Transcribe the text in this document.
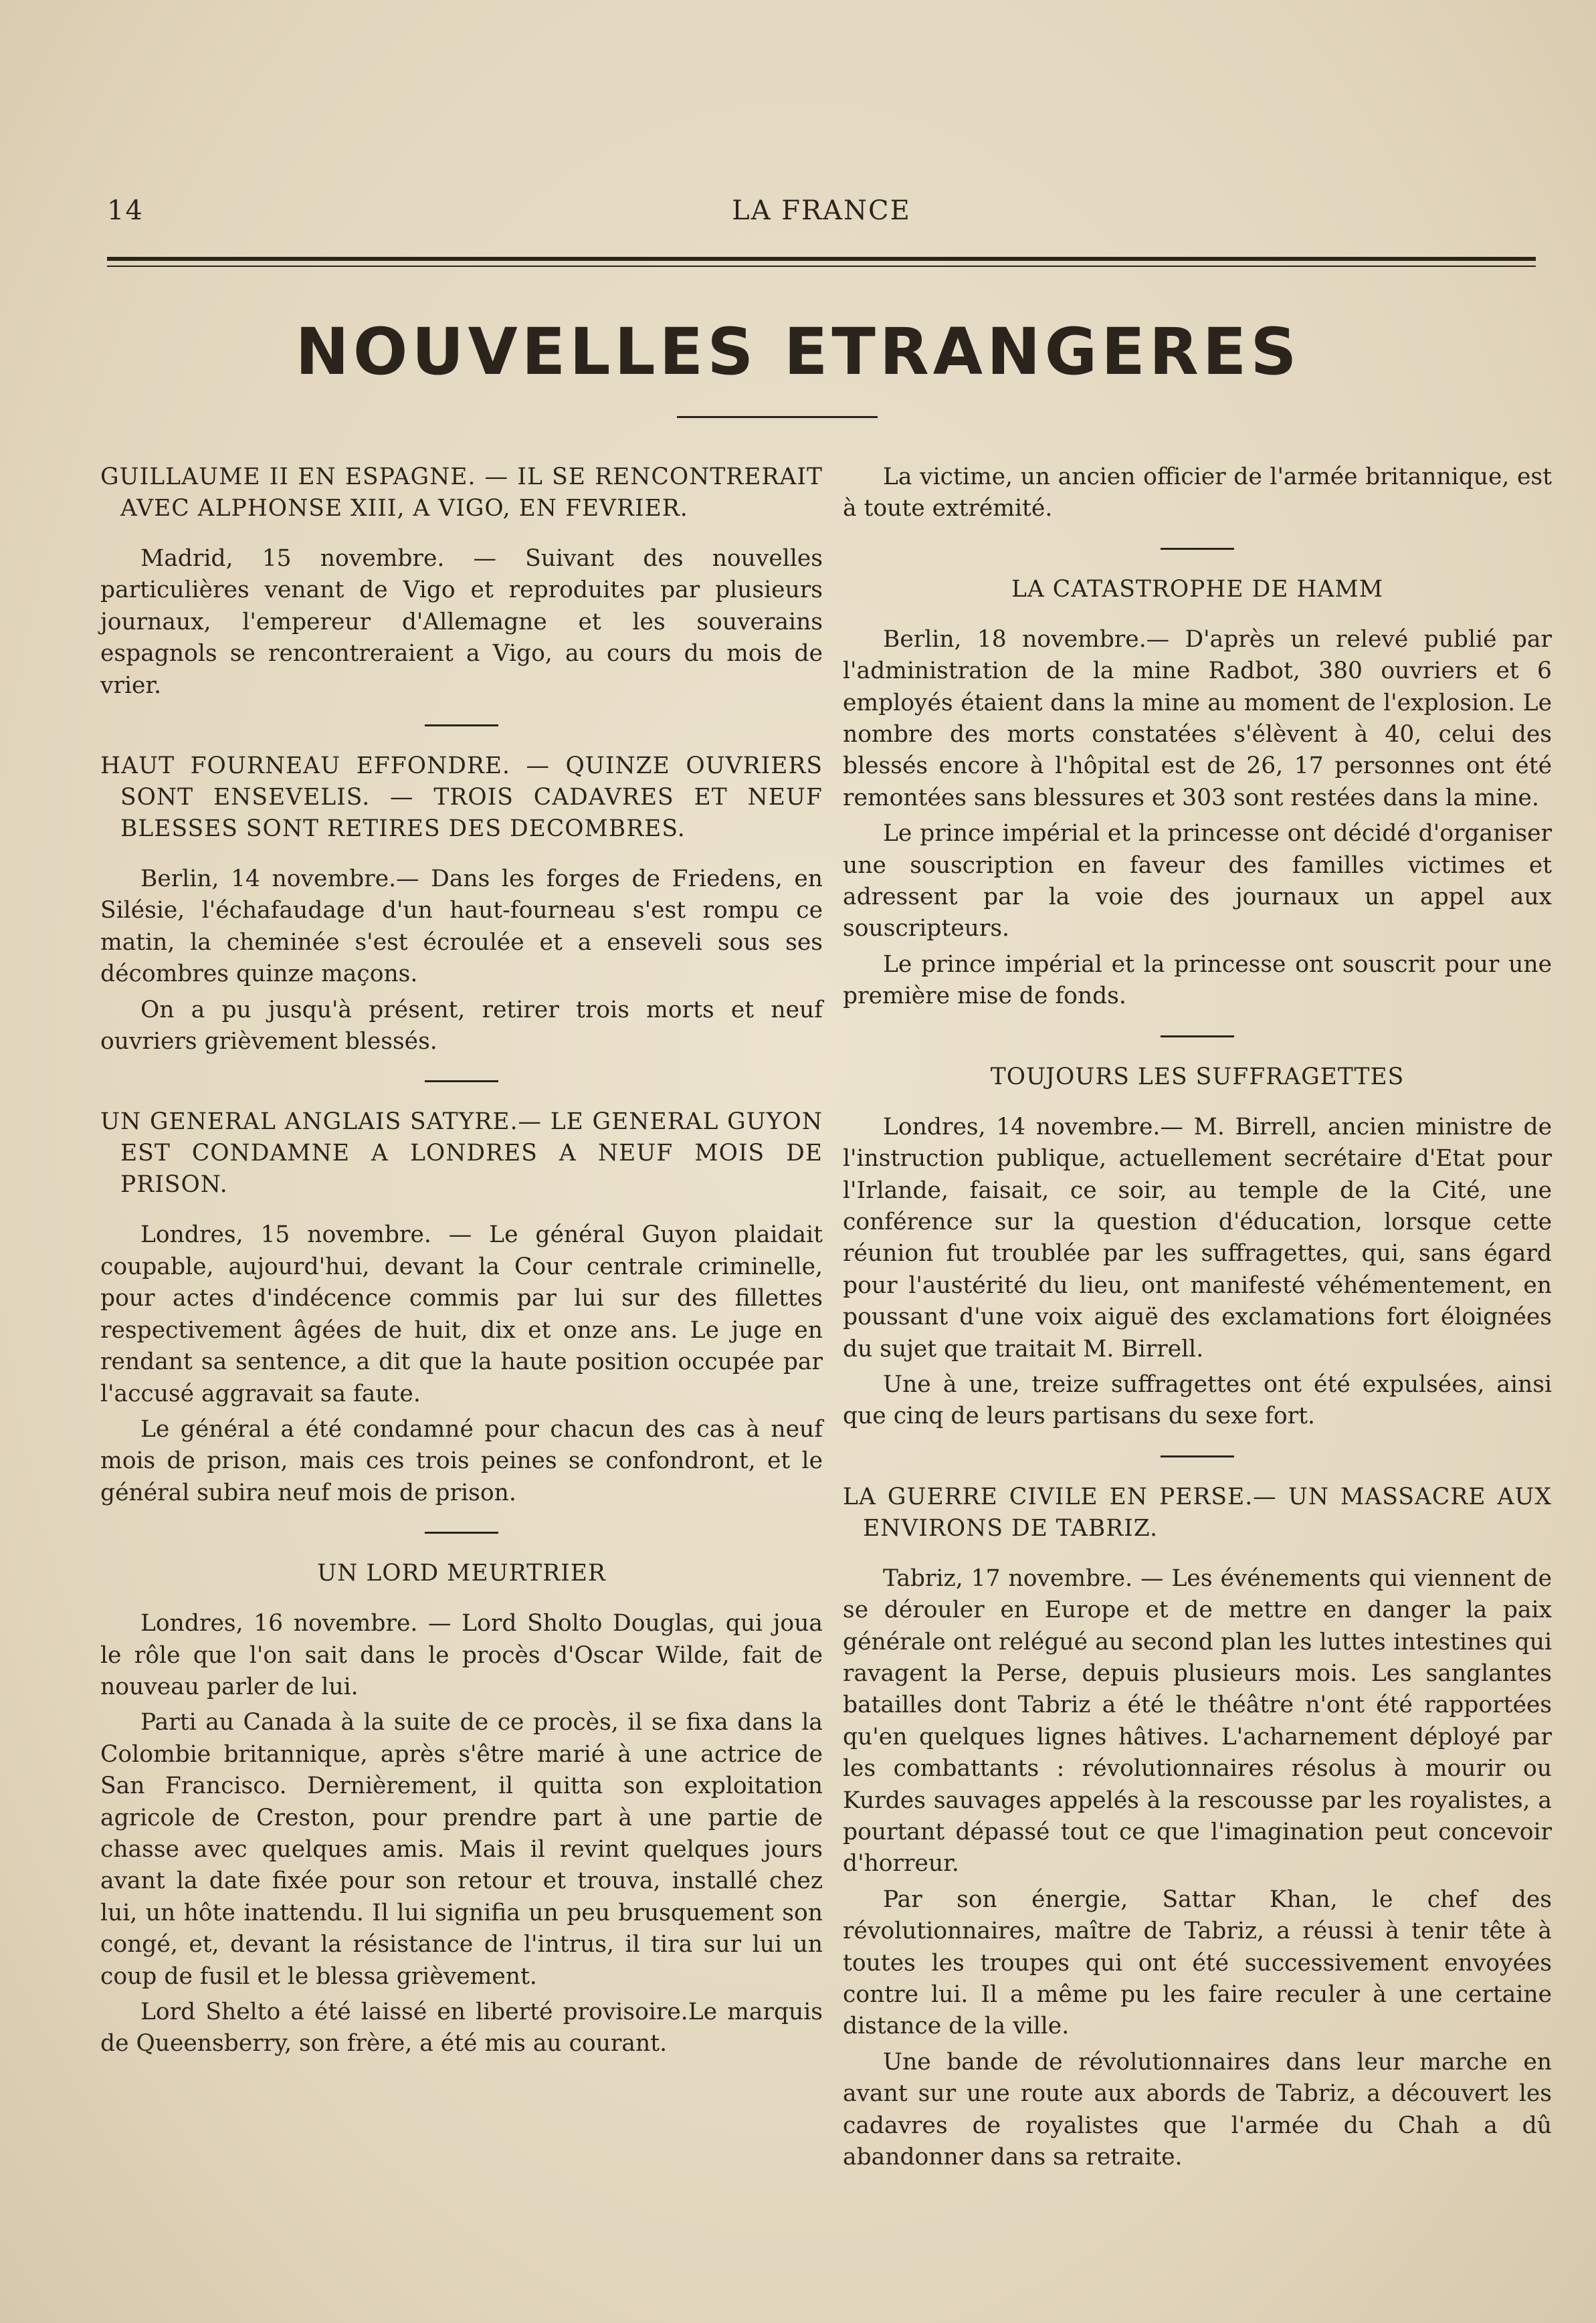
14	LA FRANCE
NOUVELLES ETRANGERES
GUILLAUME II EN ESPAGNE. — IL SE RENCONTRERAIT AVEC ALPHONSE XIII, A VIGO, EN FEVRIER.

Madrid, 15 novembre. — Suivant des nouvelles particulières venant de Vigo et reproduites par plusieurs journaux, l'empereur d'Allemagne et les souverains espagnols se rencontreraient a Vigo, au cours du mois de vrier.

HAUT FOURNEAU EFFONDRE. — QUINZE OUVRIERS SONT ENSEVELIS. — TROIS CADAVRES ET NEUF BLESSES SONT RETIRES DES DECOMBRES.

Berlin, 14 novembre.— Dans les forges de Friedens, en Silésie, l'échafaudage d'un haut-fourneau s'est rompu ce matin, la cheminée s'est écroulée et a enseveli sous ses décombres quinze maçons.

On a pu jusqu'à présent, retirer trois morts et neuf ouvriers grièvement blessés.

UN GENERAL ANGLAIS SATYRE.— LE GENERAL GUYON EST CONDAMNE A LONDRES A NEUF MOIS DE PRISON.

Londres, 15 novembre. — Le général Guyon plaidait coupable, aujourd'hui, devant la Cour centrale criminelle, pour actes d'indécence commis par lui sur des fillettes respectivement âgées de huit, dix et onze ans. Le juge en rendant sa sentence, a dit que la haute position occupée par l'accusé aggravait sa faute.

Le général a été condamné pour chacun des cas à neuf mois de prison, mais ces trois peines se confondront, et le général subira neuf mois de prison.

UN LORD MEURTRIER

Londres, 16 novembre. — Lord Sholto Douglas, qui joua le rôle que l'on sait dans le procès d'Oscar Wilde, fait de nouveau parler de lui.

Parti au Canada à la suite de ce procès, il se fixa dans la Colombie britannique, après s'être marié à une actrice de San Francisco. Dernièrement, il quitta son exploitation agricole de Creston, pour prendre part à une partie de chasse avec quelques amis. Mais il revint quelques jours avant la date fixée pour son retour et trouva, installé chez lui, un hôte inattendu. Il lui signifia un peu brusquement son congé, et, devant la résistance de l'intrus, il tira sur lui un coup de fusil et le blessa grièvement.

Lord Shelto a été laissé en liberté provisoire.Le marquis de Queensberry, son frère, a été mis au courant.

La victime, un ancien officier de l'armée britannique, est à toute extrémité.

LA CATASTROPHE DE HAMM

Berlin, 18 novembre.— D'après un relevé publié par l'administration de la mine Radbot, 380 ouvriers et 6 employés étaient dans la mine au moment de l'explosion. Le nombre des morts constatées s'élèvent à 40, celui des blessés encore à l'hôpital est de 26, 17 personnes ont été remontées sans blessures et 303 sont restées dans la mine.

Le prince impérial et la princesse ont décidé d'organiser une souscription en faveur des familles victimes et adressent par la voie des journaux un appel aux souscripteurs.

Le prince impérial et la princesse ont souscrit pour une première mise de fonds.

TOUJOURS LES SUFFRAGETTES

Londres, 14 novembre.— M. Birrell, ancien ministre de l'instruction publique, actuellement secrétaire d'Etat pour l'Irlande, faisait, ce soir, au temple de la Cité, une conférence sur la question d'éducation, lorsque cette réunion fut troublée par les suffragettes, qui, sans égard pour l'austérité du lieu, ont manifesté véhémentement, en poussant d'une voix aiguë des exclamations fort éloignées du sujet que traitait M. Birrell.

Une à une, treize suffragettes ont été expulsées, ainsi que cinq de leurs partisans du sexe fort.

LA GUERRE CIVILE EN PERSE.— UN MASSACRE AUX ENVIRONS DE TABRIZ.

Tabriz, 17 novembre. — Les événements qui viennent de se dérouler en Europe et de mettre en danger la paix générale ont relégué au second plan les luttes intestines qui ravagent la Perse, depuis plusieurs mois. Les sanglantes batailles dont Tabriz a été le théâtre n'ont été rapportées qu'en quelques lignes hâtives. L'acharnement déployé par les combattants : révolutionnaires résolus à mourir ou Kurdes sauvages appelés à la rescousse par les royalistes, a pourtant dépassé tout ce que l'imagination peut concevoir d'horreur.

Par son énergie, Sattar Khan, le chef des révolutionnaires, maître de Tabriz, a réussi à tenir tête à toutes les troupes qui ont été successivement envoyées contre lui. Il a même pu les faire reculer à une certaine distance de la ville.

Une bande de révolutionnaires dans leur marche en avant sur une route aux abords de Tabriz, a découvert les cadavres de royalistes que l'armée du Chah a dû abandonner dans sa retraite.
